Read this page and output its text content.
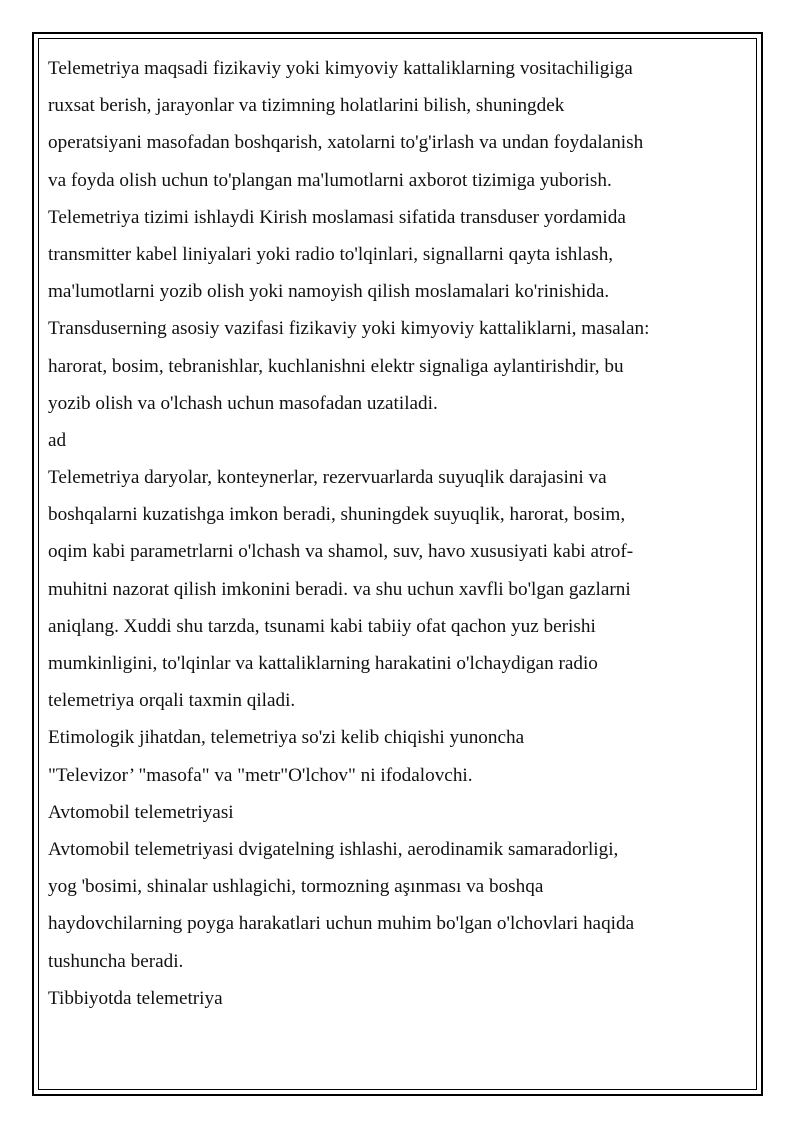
Telemetriya maqsadi fizikaviy yoki kimyoviy kattaliklarning vositachiligiga
ruxsat berish, jarayonlar va tizimning holatlarini bilish, shuningdek
operatsiyani masofadan boshqarish, xatolarni to'g'irlash va undan foydalanish
va foyda olish uchun to'plangan ma'lumotlarni axborot tizimiga yuborish.
Telemetriya tizimi ishlaydi Kirish moslamasi sifatida transduser yordamida
transmitter kabel liniyalari yoki radio to'lqinlari, signallarni qayta ishlash,
ma'lumotlarni yozib olish yoki namoyish qilish moslamalari ko'rinishida.
Transduserning asosiy vazifasi fizikaviy yoki kimyoviy kattaliklarni, masalan:
harorat, bosim, tebranishlar, kuchlanishni elektr signaliga aylantirishdir, bu
yozib olish va o'lchash uchun masofadan uzatiladi.
ad
Telemetriya daryolar, konteynerlar, rezervuarlarda suyuqlik darajasini va
boshqalarni kuzatishga imkon beradi, shuningdek suyuqlik, harorat, bosim,
oqim kabi parametrlarni o'lchash va shamol, suv, havo xususiyati kabi atrof-
muhitni nazorat qilish imkonini beradi. va shu uchun xavfli bo'lgan gazlarni
aniqlang. Xuddi shu tarzda, tsunami kabi tabiiy ofat qachon yuz berishi
mumkinligini, to'lqinlar va kattaliklarning harakatini o'lchaydigan radio
telemetriya orqali taxmin qiladi.
Etimologik jihatdan, telemetriya so'zi kelib chiqishi yunoncha
"Televizor’ "masofa" va "metr"O'lchov" ni ifodalovchi.
Avtomobil telemetriyasi
Avtomobil telemetriyasi dvigatelning ishlashi, aerodinamik samaradorligi,
yog 'bosimi, shinalar ushlagichi, tormozning aşınması va boshqa
haydovchilarning poyga harakatlari uchun muhim bo'lgan o'lchovlari haqida
tushuncha beradi.
Tibbiyotda telemetriya
